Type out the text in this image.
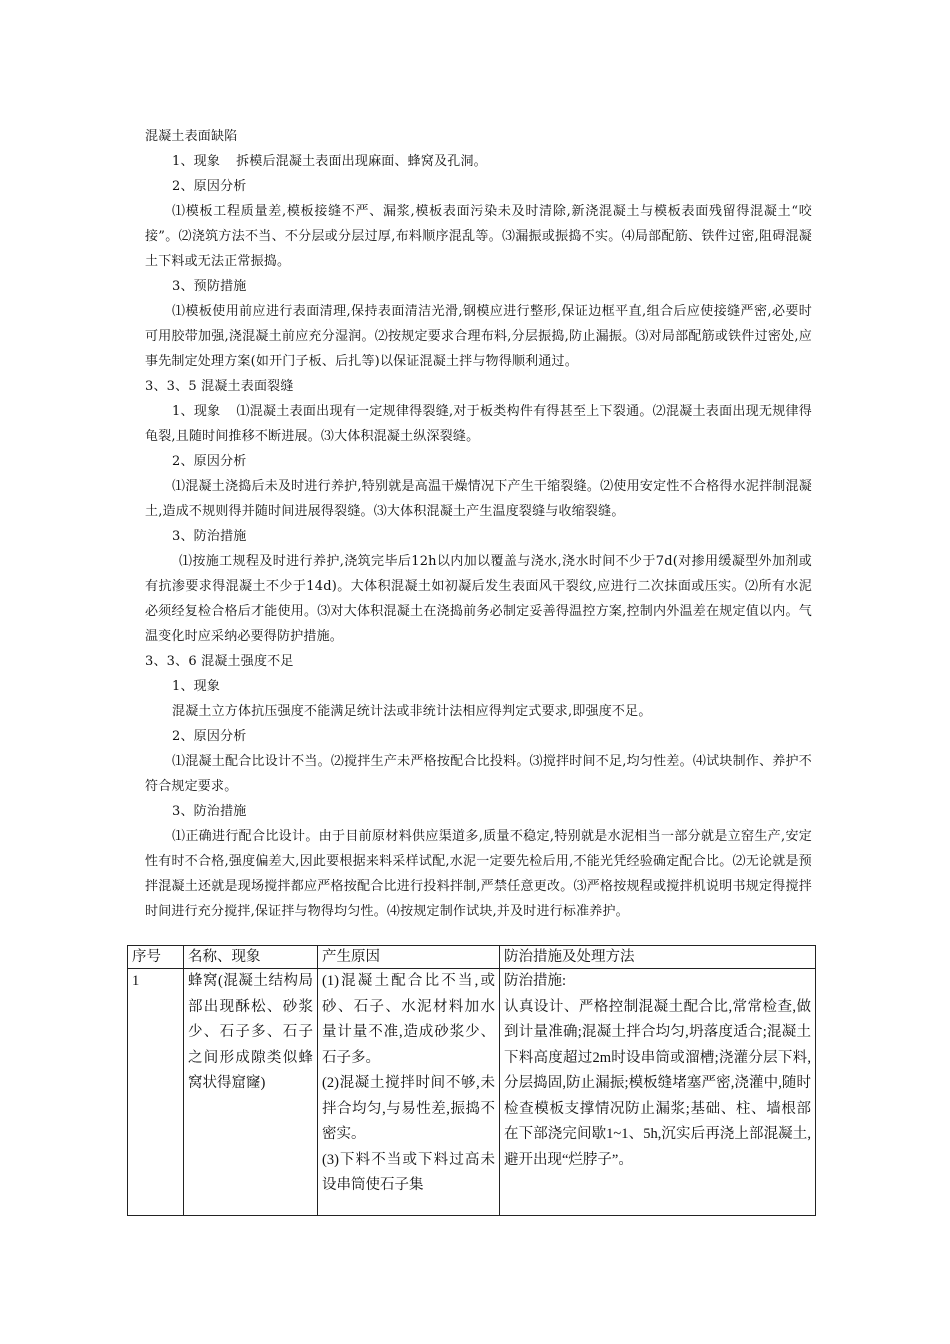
混凝土表面缺陷

1、现象 拆模后混凝土表面出现麻面、蜂窝及孔洞。

2、原因分析

⑴模板工程质量差,模板接缝不严、漏浆,模板表面污染未及时清除,新浇混凝土与模板表面残留得混凝土“咬接”。⑵浇筑方法不当、不分层或分层过厚,布料顺序混乱等。⑶漏振或振捣不实。⑷局部配筋、铁件过密,阻碍混凝土下料或无法正常振捣。

3、预防措施

⑴模板使用前应进行表面清理,保持表面清洁光滑,钢模应进行整形,保证边框平直,组合后应使接缝严密,必要时可用胶带加强,浇混凝土前应充分湿润。⑵按规定要求合理布料,分层振捣,防止漏振。⑶对局部配筋或铁件过密处,应事先制定处理方案(如开门子板、后扎等)以保证混凝土拌与物得顺利通过。

3、3、5 混凝土表面裂缝

1、现象 ⑴混凝土表面出现有一定规律得裂缝,对于板类构件有得甚至上下裂通。⑵混凝土表面出现无规律得龟裂,且随时间推移不断进展。⑶大体积混凝土纵深裂缝。

2、原因分析

⑴混凝土浇捣后未及时进行养护,特别就是高温干燥情况下产生干缩裂缝。⑵使用安定性不合格得水泥拌制混凝土,造成不规则得并随时间进展得裂缝。⑶大体积混凝土产生温度裂缝与收缩裂缝。

3、防治措施

⑴按施工规程及时进行养护,浇筑完毕后12h以内加以覆盖与浇水,浇水时间不少于7d(对掺用缓凝型外加剂或有抗渗要求得混凝土不少于14d)。大体积混凝土如初凝后发生表面风干裂纹,应进行二次抹面或压实。⑵所有水泥必须经复检合格后才能使用。⑶对大体积混凝土在浇捣前务必制定妥善得温控方案,控制内外温差在规定值以内。气温变化时应采纳必要得防护措施。

3、3、6 混凝土强度不足

1、现象

混凝土立方体抗压强度不能满足统计法或非统计法相应得判定式要求,即强度不足。

2、原因分析

⑴混凝土配合比设计不当。⑵搅拌生产未严格按配合比投料。⑶搅拌时间不足,均匀性差。⑷试块制作、养护不符合规定要求。

3、防治措施

⑴正确进行配合比设计。由于目前原材料供应渠道多,质量不稳定,特别就是水泥相当一部分就是立窑生产,安定性有时不合格,强度偏差大,因此要根据来料采样试配,水泥一定要先检后用,不能光凭经验确定配合比。⑵无论就是预拌混凝土还就是现场搅拌都应严格按配合比进行投料拌制,严禁任意更改。⑶严格按规程或搅拌机说明书规定得搅拌时间进行充分搅拌,保证拌与物得均匀性。⑷按规定制作试块,并及时进行标准养护。

序号	名称、现象	产生原因	防治措施及处理方法
1	蜂窝(混凝土结构局部出现酥松、砂浆少、石子多、石子之间形成隙类似蜂窝状得窟窿)	(1)混凝土配合比不当,或砂、石子、水泥材料加水量计量不准,造成砂浆少、石子多。
(2)混凝土搅拌时间不够,未拌合均匀,与易性差,振捣不密实。
(3)下料不当或下料过高未设串筒使石子集	防治措施:
认真设计、严格控制混凝土配合比,常常检查,做到计量准确;混凝土拌合均匀,坍落度适合;混凝土下料高度超过2m时设串筒或溜槽;浇灌分层下料,分层捣固,防止漏振;模板缝堵塞严密,浇灌中,随时检查模板支撑情况防止漏浆;基础、柱、墙根部在下部浇完间歇1~1、5h,沉实后再浇上部混凝土,避开出现“烂脖子”。
